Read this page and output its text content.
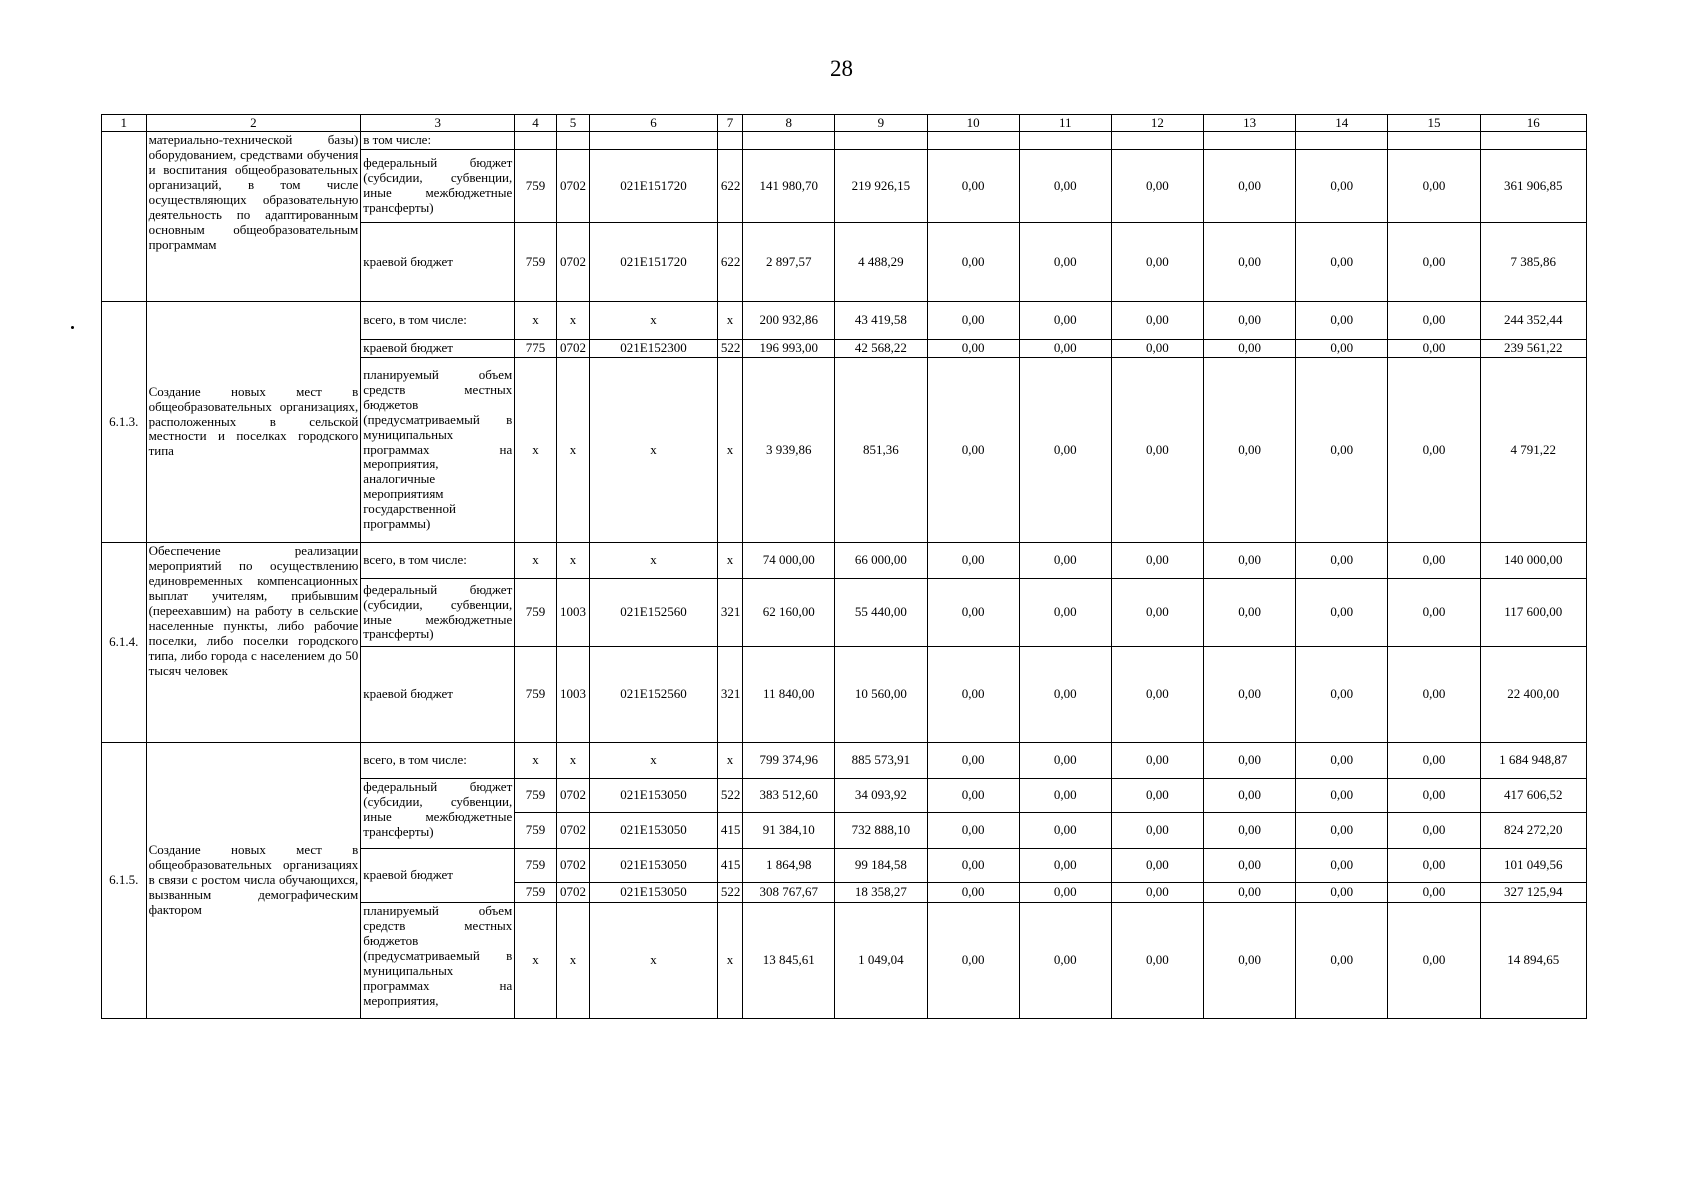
28
1	2	3	4	5	6	7	8	9	10	11	12	13	14	15	16
	материально-технической базы) оборудованием, средствами обучения и воспитания общеобразовательных организаций, в том числе осуществляющих образовательную деятельность по адаптированным основным общеобразовательным программам	в том числе:													
		федеральный бюджет (субсидии, субвенции, иные межбюджетные трансферты)	759	0702	021E151720	622	141 980,70	219 926,15	0,00	0,00	0,00	0,00	0,00	0,00	361 906,85
		краевой бюджет	759	0702	021E151720	622	2 897,57	4 488,29	0,00	0,00	0,00	0,00	0,00	0,00	7 385,86
6.1.3.	Создание новых мест в общеобразовательных организациях, расположенных в сельской местности и поселках городского типа	всего, в том числе:	x	x	x	x	200 932,86	43 419,58	0,00	0,00	0,00	0,00	0,00	0,00	244 352,44
		краевой бюджет	775	0702	021E152300	522	196 993,00	42 568,22	0,00	0,00	0,00	0,00	0,00	0,00	239 561,22
		планируемый объем средств местных бюджетов (предусматриваемый в муниципальных программах на мероприятия, аналогичные мероприятиям государственной программы)	x	x	x	x	3 939,86	851,36	0,00	0,00	0,00	0,00	0,00	0,00	4 791,22
6.1.4.	Обеспечение реализации мероприятий по осуществлению единовременных компенсационных выплат учителям, прибывшим (переехавшим) на работу в сельские населенные пункты, либо рабочие поселки, либо поселки городского типа, либо города с населением до 50 тысяч человек	всего, в том числе:	x	x	x	x	74 000,00	66 000,00	0,00	0,00	0,00	0,00	0,00	0,00	140 000,00
		федеральный бюджет (субсидии, субвенции, иные межбюджетные трансферты)	759	1003	021E152560	321	62 160,00	55 440,00	0,00	0,00	0,00	0,00	0,00	0,00	117 600,00
		краевой бюджет	759	1003	021E152560	321	11 840,00	10 560,00	0,00	0,00	0,00	0,00	0,00	0,00	22 400,00
6.1.5.	Создание новых мест в общеобразовательных организациях в связи с ростом числа обучающихся, вызванным демографическим фактором	всего, в том числе:	x	x	x	x	799 374,96	885 573,91	0,00	0,00	0,00	0,00	0,00	0,00	1 684 948,87
		федеральный бюджет (субсидии, субвенции, иные межбюджетные трансферты)	759	0702	021E153050	522	383 512,60	34 093,92	0,00	0,00	0,00	0,00	0,00	0,00	417 606,52
			759	0702	021E153050	415	91 384,10	732 888,10	0,00	0,00	0,00	0,00	0,00	0,00	824 272,20
		краевой бюджет	759	0702	021E153050	415	1 864,98	99 184,58	0,00	0,00	0,00	0,00	0,00	0,00	101 049,56
			759	0702	021E153050	522	308 767,67	18 358,27	0,00	0,00	0,00	0,00	0,00	0,00	327 125,94
		планируемый объем средств местных бюджетов (предусматриваемый в муниципальных программах на мероприятия,	x	x	x	x	13 845,61	1 049,04	0,00	0,00	0,00	0,00	0,00	0,00	14 894,65
